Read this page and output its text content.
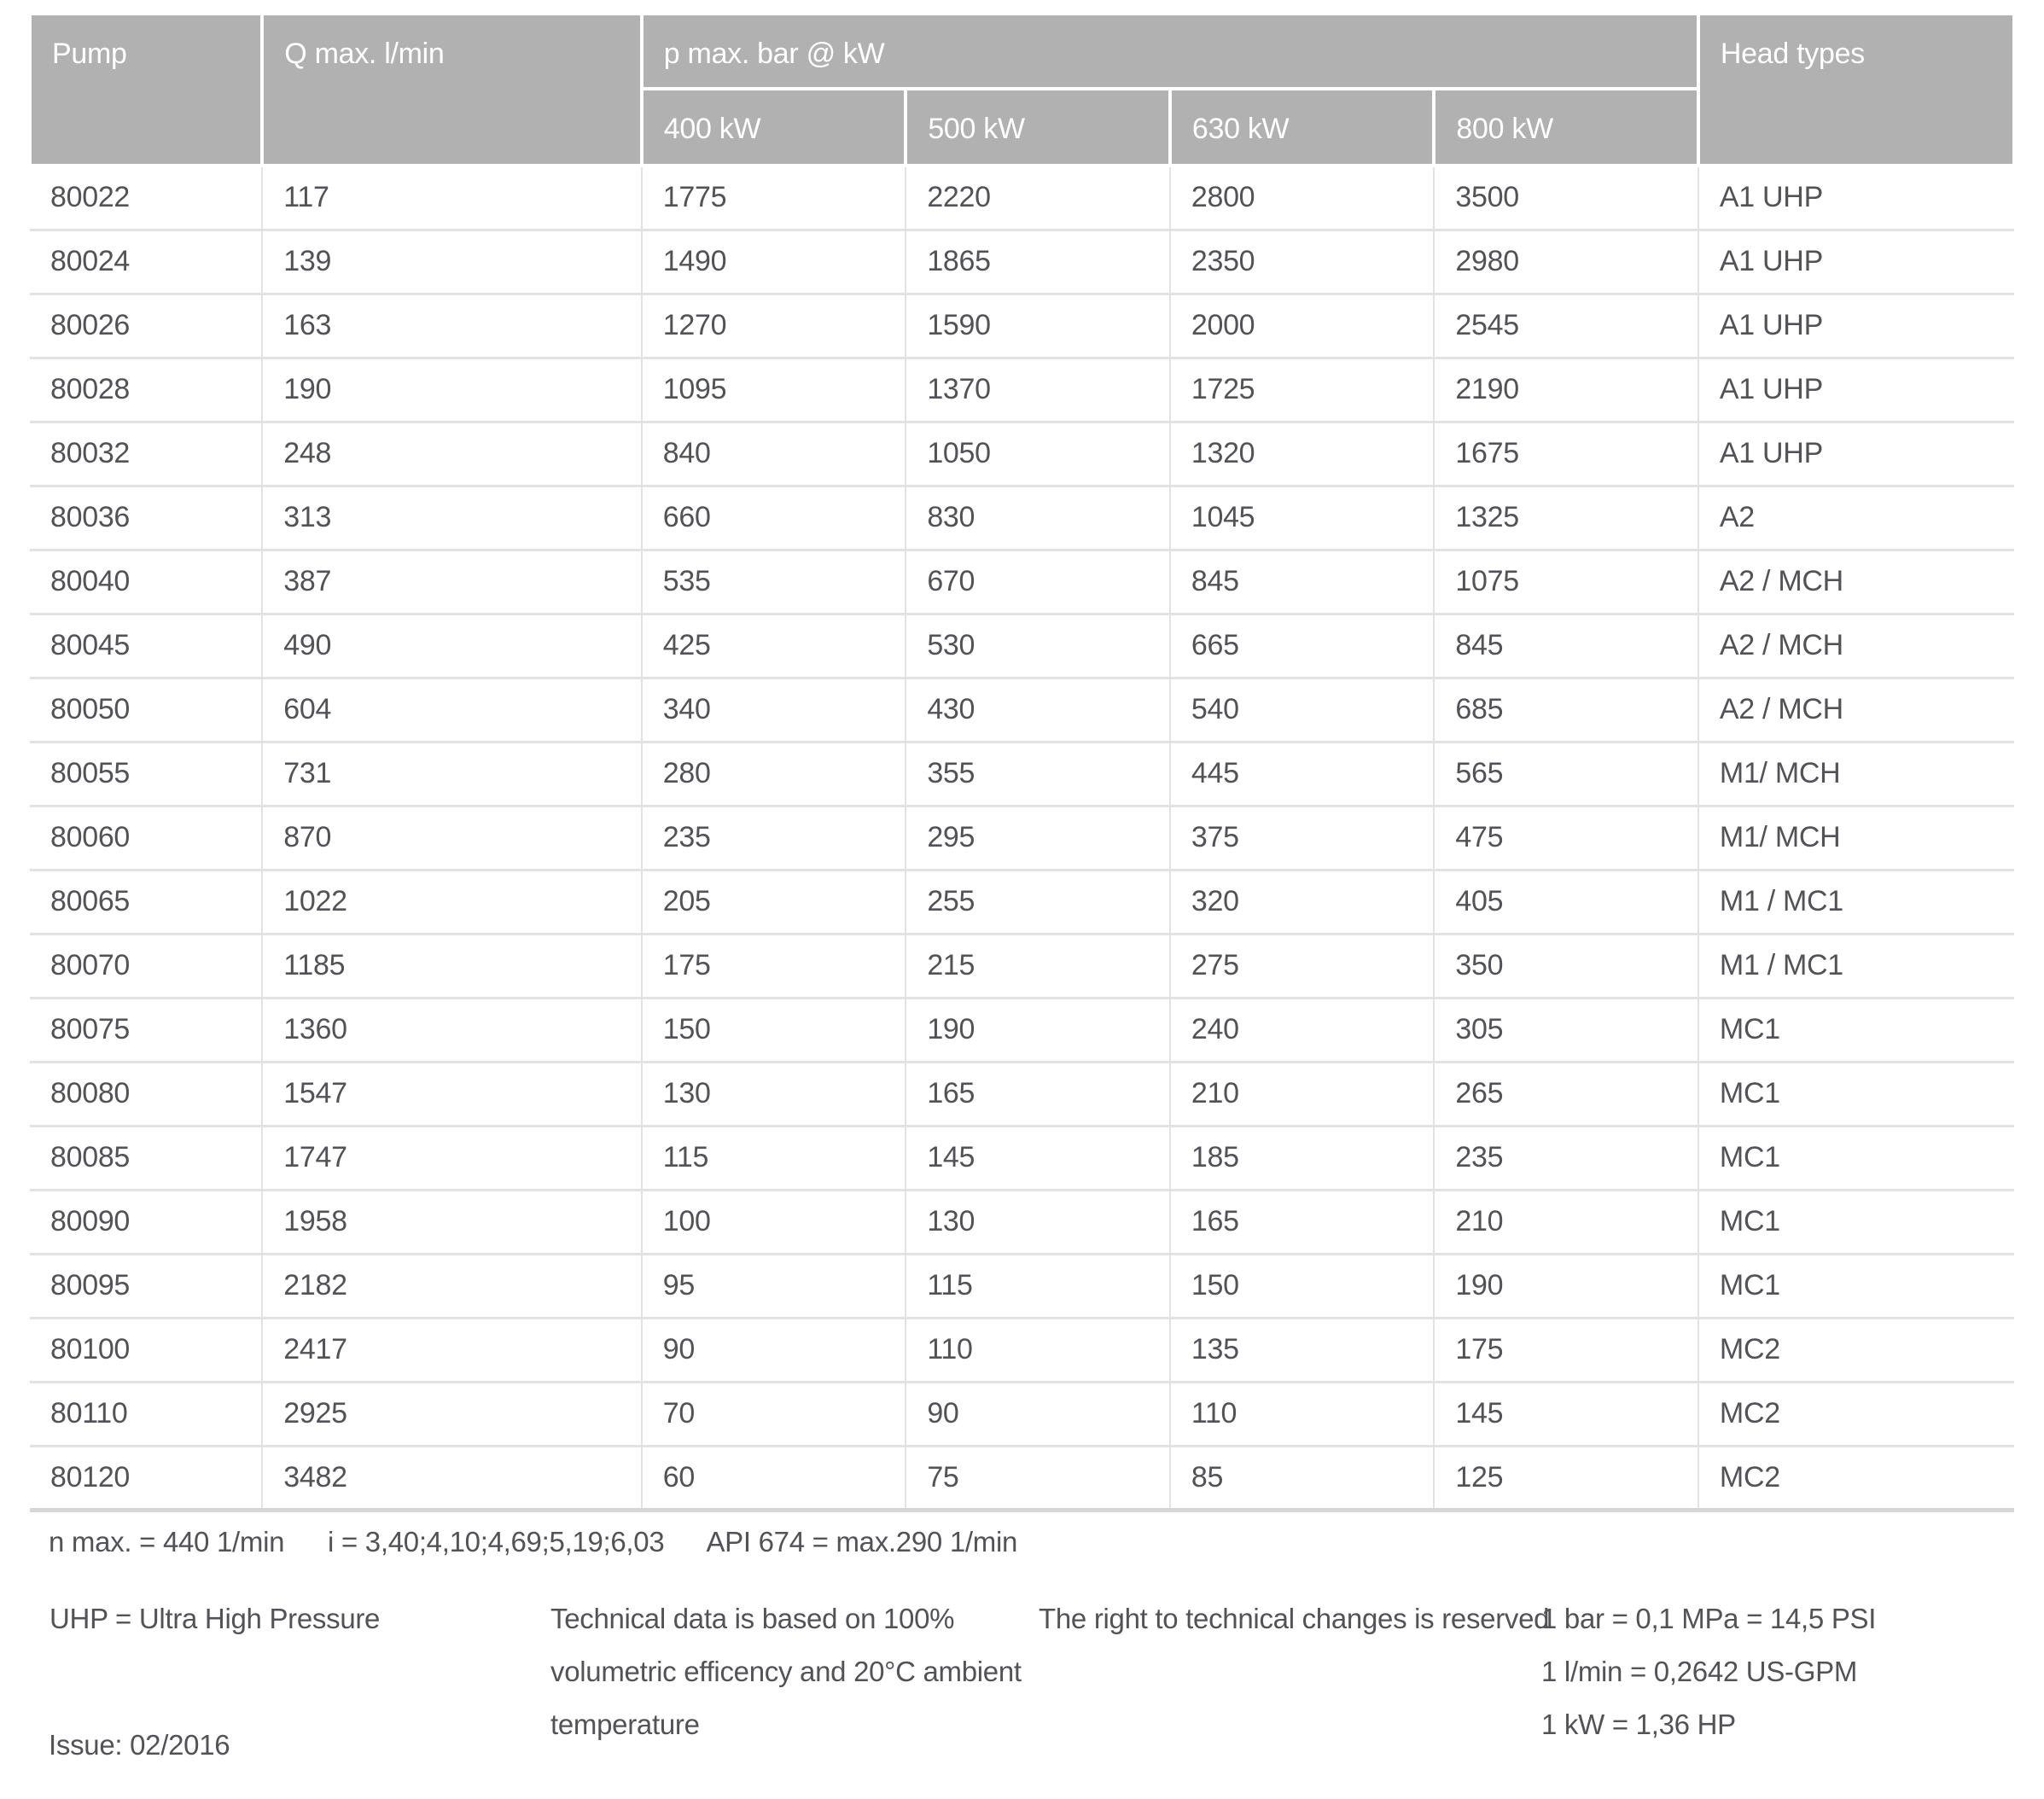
Pump	Q max. l/min	p max. bar @ kW				Head types
		400 kW	500 kW	630 kW	800 kW	
80022	117	1775	2220	2800	3500	A1 UHP
80024	139	1490	1865	2350	2980	A1 UHP
80026	163	1270	1590	2000	2545	A1 UHP
80028	190	1095	1370	1725	2190	A1 UHP
80032	248	840	1050	1320	1675	A1 UHP
80036	313	660	830	1045	1325	A2
80040	387	535	670	845	1075	A2 / MCH
80045	490	425	530	665	845	A2 / MCH
80050	604	340	430	540	685	A2 / MCH
80055	731	280	355	445	565	M1/ MCH
80060	870	235	295	375	475	M1/ MCH
80065	1022	205	255	320	405	M1 / MC1
80070	1185	175	215	275	350	M1 / MC1
80075	1360	150	190	240	305	MC1
80080	1547	130	165	210	265	MC1
80085	1747	115	145	185	235	MC1
80090	1958	100	130	165	210	MC1
80095	2182	95	115	150	190	MC1
80100	2417	90	110	135	175	MC2
80110	2925	70	90	110	145	MC2
80120	3482	60	75	85	125	MC2
n max. = 440 1/min i = 3,40;4,10;4,69;5,19;6,03 API 674 = max.290 1/min
UHP = Ultra High Pressure	Technical data is based on 100% volumetric efficency and 20°C ambient temperature
The right to technical changes is reserved
1 bar = 0,1 MPa = 14,5 PSI
1 l/min = 0,2642 US-GPM
1 kW = 1,36 HP
Issue: 02/2016
